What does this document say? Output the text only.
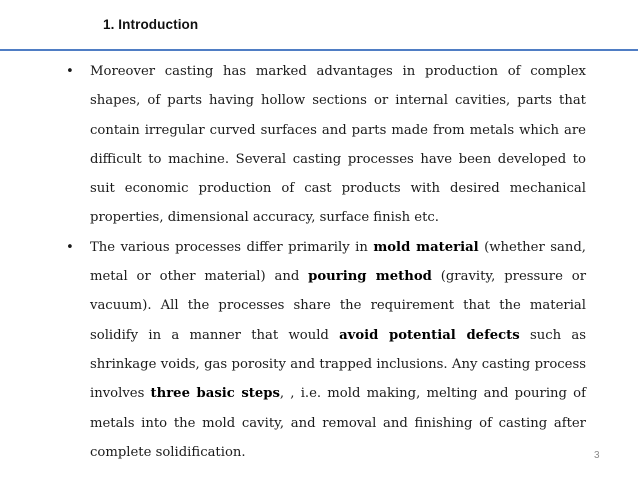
1. Introduction

• Moreover casting has marked advantages in production of complex shapes, of parts having hollow sections or internal cavities, parts that contain irregular curved surfaces and parts made from metals which are difficult to machine. Several casting processes have been developed to suit economic production of cast products with desired mechanical properties, dimensional accuracy, surface finish etc.

• The various processes differ primarily in mold material (whether sand, metal or other material) and pouring method (gravity, pressure or vacuum). All the processes share the requirement that the material solidify in a manner that would avoid potential defects such as shrinkage voids, gas porosity and trapped inclusions. Any casting process involves three basic steps, , i.e. mold making, melting and pouring of metals into the mold cavity, and removal and finishing of casting after complete solidification.	3
